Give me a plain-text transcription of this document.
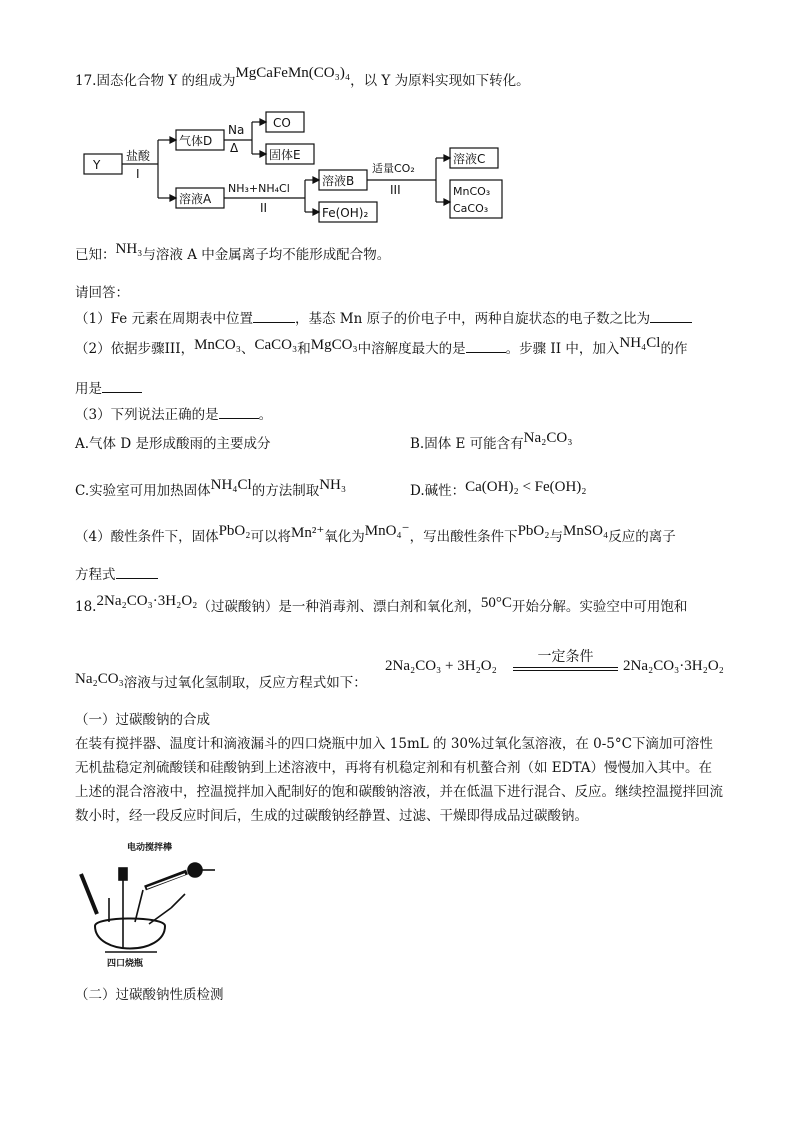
17.固态化合物 Y 的组成为MgCaFeMn(CO₃)₄，以 Y 为原料实现如下转化。
Y
盐酸
I
气体D
Na
Δ
CO
固体E
溶液A
NH₃+NH₄Cl
II
溶液B
Fe(OH)₂
适量CO₂
III
溶液C
MnCO₃
CaCO₃
已知：NH₃与溶液 A 中金属离子均不能形成配合物。
请回答：
（1）Fe 元素在周期表中位置	，基态 Mn 原子的价电子中，两种自旋状态的电子数之比为
（2）依据步骤III，MnCO₃、CaCO₃和MgCO₃中溶解度最大的是	。步骤 II 中，加入NH₄Cl的作
用是
（3）下列说法正确的是	。
A.气体 D 是形成酸雨的主要成分	B.固体 E 可能含有Na₂CO₃
C.实验室可用加热固体NH₄Cl的方法制取NH₃	D.碱性：Ca(OH)₂ < Fe(OH)₂
（4）酸性条件下，固体PbO₂可以将Mn²⁺氧化为MnO₄⁻，写出酸性条件下PbO₂与MnSO₄反应的离子
方程式
18.2Na₂CO₃·3H₂O₂（过碳酸钠）是一种消毒剂、漂白剂和氧化剂，50°C开始分解。实验空中可用饱和
2Na₂CO₃ + 3H₂O₂
一定条件
2Na₂CO₃·3H₂O₂
Na₂CO₃溶液与过氧化氢制取，反应方程式如下：
（一）过碳酸钠的合成
在装有搅拌器、温度计和滴液漏斗的四口烧瓶中加入 15mL 的 30%过氧化氢溶液，在 0-5°C下滴加可溶性无机盐稳定剂硫酸镁和硅酸钠到上述溶液中，再将有机稳定剂和有机螯合剂（如 EDTA）慢慢加入其中。在上述的混合溶液中，控温搅拌加入配制好的饱和碳酸钠溶液，并在低温下进行混合、反应。继续控温搅拌回流数小时，经一段反应时间后，生成的过碳酸钠经静置、过滤、干燥即得成品过碳酸钠。
电动搅拌棒
四口烧瓶
（二）过碳酸钠性质检测
